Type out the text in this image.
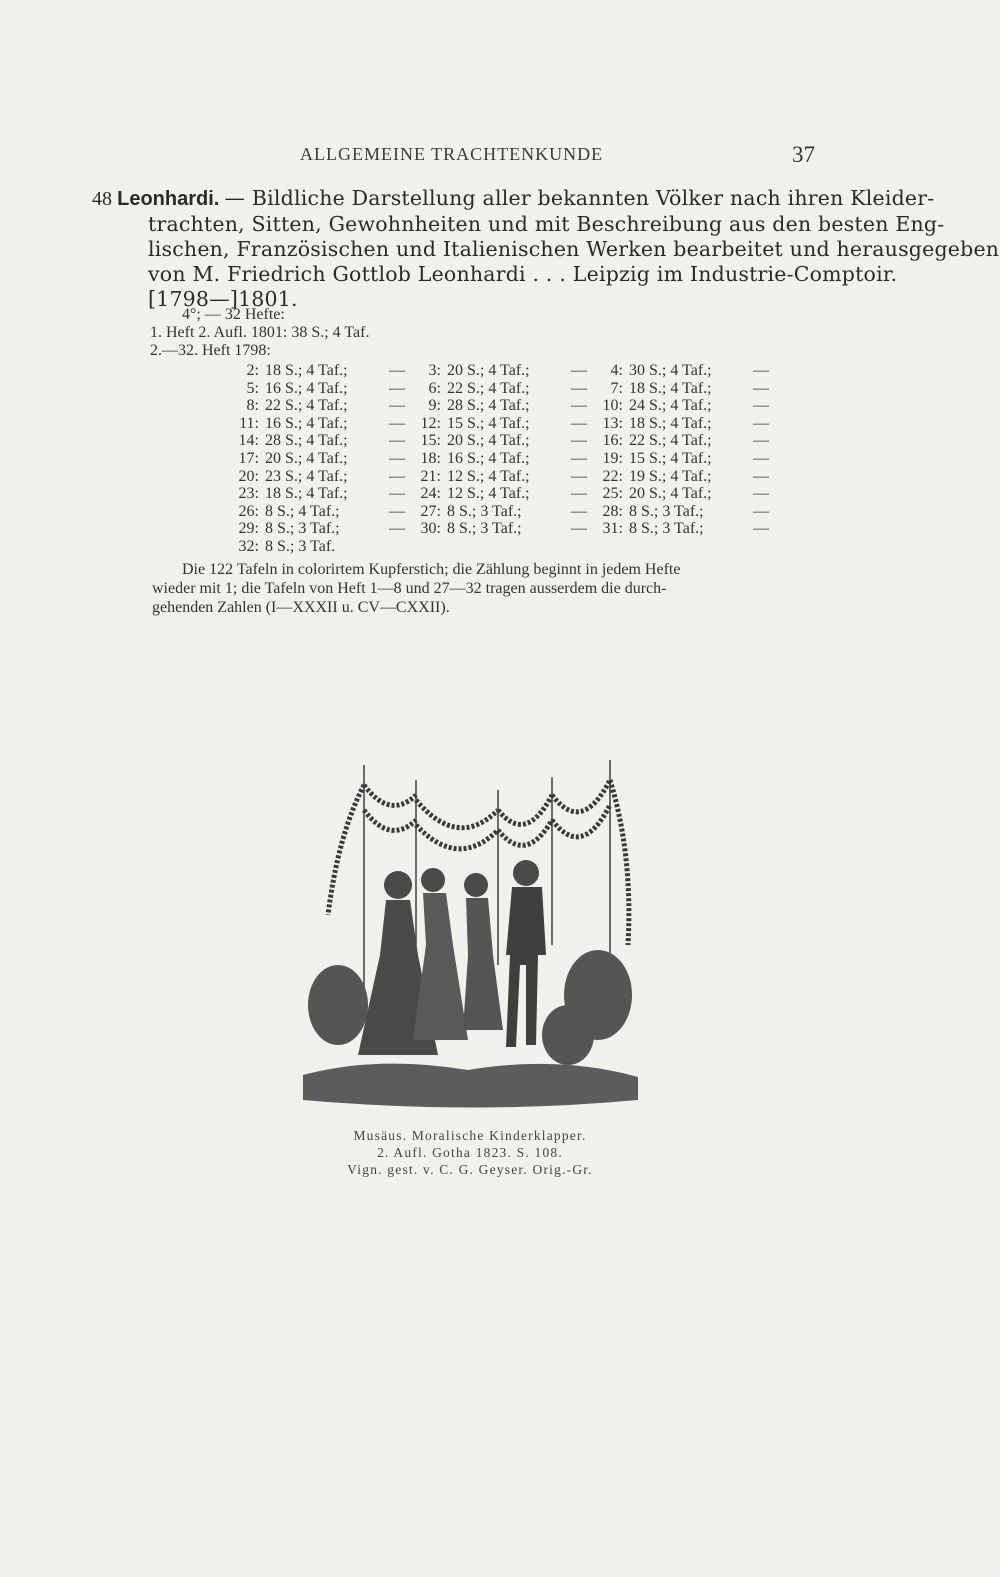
ALLGEMEINE TRACHTENKUNDE	37

48 Leonhardi. — Bildliche Darstellung aller bekannten Völker nach ihren Kleider-

trachten, Sitten, Gewohnheiten und mit Beschreibung aus den besten Eng-

lischen, Französischen und Italienischen Werken bearbeitet und herausgegeben

von M. Friedrich Gottlob Leonhardi . . . Leipzig im Industrie-Comptoir.

[1798—]1801.

4°; — 32 Hefte:
1. Heft 2. Aufl. 1801: 38 S.; 4 Taf.
2.—32. Heft 1798:
2:	18 S.; 4 Taf.;	—	3:	20 S.; 4 Taf.;	—	4:	30 S.; 4 Taf.;	—
5:	16 S.; 4 Taf.;	—	6:	22 S.; 4 Taf.;	—	7:	18 S.; 4 Taf.;	—
8:	22 S.; 4 Taf.;	—	9:	28 S.; 4 Taf.;	—	10:	24 S.; 4 Taf.;	—
11:	16 S.; 4 Taf.;	—	12:	15 S.; 4 Taf.;	—	13:	18 S.; 4 Taf.;	—
14:	28 S.; 4 Taf.;	—	15:	20 S.; 4 Taf.;	—	16:	22 S.; 4 Taf.;	—
17:	20 S.; 4 Taf.;	—	18:	16 S.; 4 Taf.;	—	19:	15 S.; 4 Taf.;	—
20:	23 S.; 4 Taf.;	—	21:	12 S.; 4 Taf.;	—	22:	19 S.; 4 Taf.;	—
23:	18 S.; 4 Taf.;	—	24:	12 S.; 4 Taf.;	—	25:	20 S.; 4 Taf.;	—
26:	8 S.; 4 Taf.;	—	27:	8 S.; 3 Taf.;	—	28:	8 S.; 3 Taf.;	—
29:	8 S.; 3 Taf.;	—	30:	8 S.; 3 Taf.;	—	31:	8 S.; 3 Taf.;	—
32:	8 S.; 3 Taf.							
Die 122 Tafeln in colorirtem Kupferstich; die Zählung beginnt in jedem Hefte
wieder mit 1; die Tafeln von Heft 1—8 und 27—32 tragen ausserdem die durch-
gehenden Zahlen (I—XXXII u. CV—CXXII).
Musäus. Moralische Kinderklapper.
2. Aufl. Gotha 1823. S. 108.
Vign. gest. v. C. G. Geyser. Orig.-Gr.
